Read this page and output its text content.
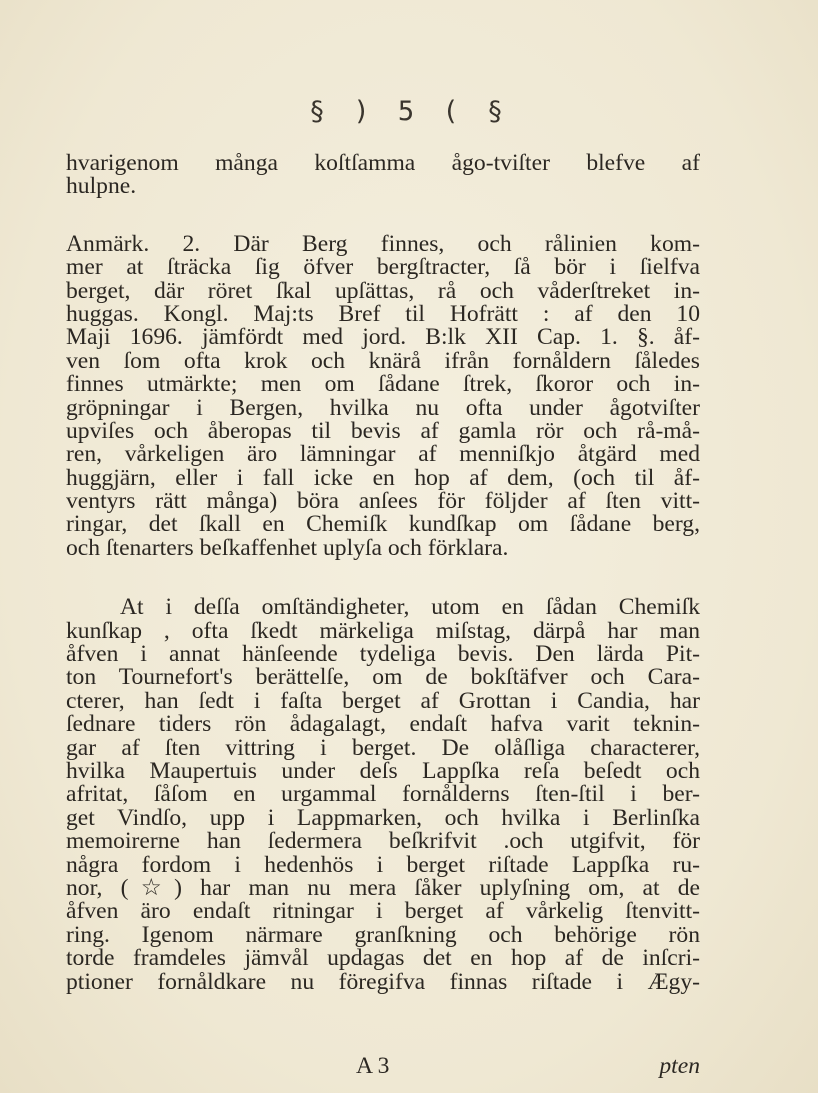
§ ) 5 ( §
hvarigenom många koſtſamma ågo-tviſter blefve af
hulpne.
Anmärk. 2. Där Berg finnes, och rålinien kom-
mer at ſträcka ſig öfver bergſtracter, ſå bör i ſielfva
berget, där röret ſkal upſättas, rå och våderſtreket in-
huggas. Kongl. Maj:ts Bref til Hofrätt : af den 10
Maji 1696. jämfördt med jord. B:lk XII Cap. 1. §. åf-
ven ſom ofta krok och knärå ifrån fornåldern ſåledes
finnes utmärkte; men om ſådane ſtrek, ſkoror och in-
gröpningar i Bergen, hvilka nu ofta under ågotviſter
upviſes och åberopas til bevis af gamla rör och rå-må-
ren, vårkeligen äro lämningar af menniſkjo åtgärd med
huggjärn, eller i fall icke en hop af dem, (och til åf-
ventyrs rätt många) böra anſees för följder af ſten vitt-
ringar, det ſkall en Chemiſk kundſkap om ſådane berg,
och ſtenarters beſkaffenhet uplyſa och förklara.
At i deſſa omſtändigheter, utom en ſådan Chemiſk
kunſkap , ofta ſkedt märkeliga miſstag, därpå har man
åfven i annat hänſeende tydeliga bevis. Den lärda Pit-
ton Tournefort's berättelſe, om de bokſtäfver och Cara-
cterer, han ſedt i faſta berget af Grottan i Candia, har
ſednare tiders rön ådagalagt, endaſt hafva varit teknin-
gar af ſten vittring i berget. De olåſliga characterer,
hvilka Maupertuis under deſs Lappſka reſa beſedt och
afritat, ſåſom en urgammal fornålderns ſten-ſtil i ber-
get Vindſo, upp i Lappmarken, och hvilka i Berlinſka
memoirerne han ſedermera beſkrifvit .och utgifvit, för
några fordom i hedenhös i berget riſtade Lappſka ru-
nor, (☆) har man nu mera ſåker uplyſning om, at de
åfven äro endaſt ritningar i berget af vårkelig ſtenvitt-
ring. Igenom närmare granſkning och behörige rön
torde framdeles jämvål updagas det en hop af de inſcri-
ptioner fornåldkare nu föregifva finnas riſtade i Ægy-
A 3	pten
